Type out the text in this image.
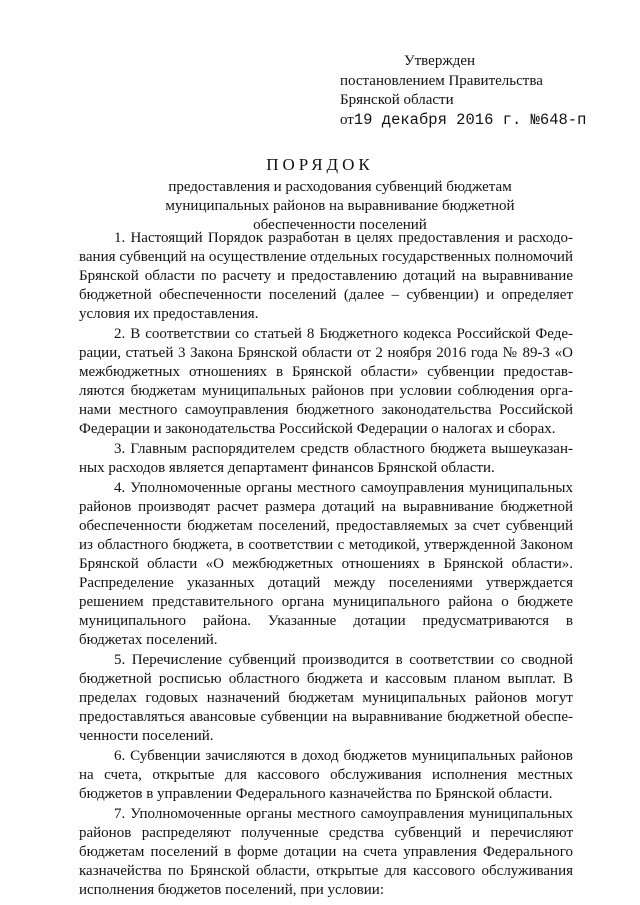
Утвержден
постановлением Правительства
Брянской области
от19 декабря 2016 г. №648-п
ПОРЯДОК
предоставления и расходования субвенций бюджетам муниципальных районов на выравнивание бюджетной обеспеченности поселений

1. Настоящий Порядок разработан в целях предоставления и расходования субвенций на осуществление отдельных государственных полномочий Брянской области по расчету и предоставлению дотаций на выравнивание бюджетной обеспеченности поселений (далее – субвенции) и определяет условия их предоставления.

2. В соответствии со статьей 8 Бюджетного кодекса Российской Федерации, статьей 3 Закона Брянской области от 2 ноября 2016 года № 89-З «О межбюджетных отношениях в Брянской области» субвенции предоставляются бюджетам муниципальных районов при условии соблюдения органами местного самоуправления бюджетного законодательства Российской Федерации и законодательства Российской Федерации о налогах и сборах.

3. Главным распорядителем средств областного бюджета вышеуказанных расходов является департамент финансов Брянской области.

4. Уполномоченные органы местного самоуправления муниципальных районов производят расчет размера дотаций на выравнивание бюджетной обеспеченности бюджетам поселений, предоставляемых за счет субвенций из областного бюджета, в соответствии с методикой, утвержденной Законом Брянской области «О межбюджетных отношениях в Брянской области». Распределение указанных дотаций между поселениями утверждается решением представительного органа муниципального района о бюджете муниципального района. Указанные дотации предусматриваются в бюджетах поселений.

5. Перечисление субвенций производится в соответствии со сводной бюджетной росписью областного бюджета и кассовым планом выплат. В пределах годовых назначений бюджетам муниципальных районов могут предоставляться авансовые субвенции на выравнивание бюджетной обеспеченности поселений.

6. Субвенции зачисляются в доход бюджетов муниципальных районов на счета, открытые для кассового обслуживания исполнения местных бюджетов в управлении Федерального казначейства по Брянской области.

7. Уполномоченные органы местного самоуправления муниципальных районов распределяют полученные средства субвенций и перечисляют бюджетам поселений в форме дотации на счета управления Федерального казначейства по Брянской области, открытые для кассового обслуживания исполнения бюджетов поселений, при условии:
